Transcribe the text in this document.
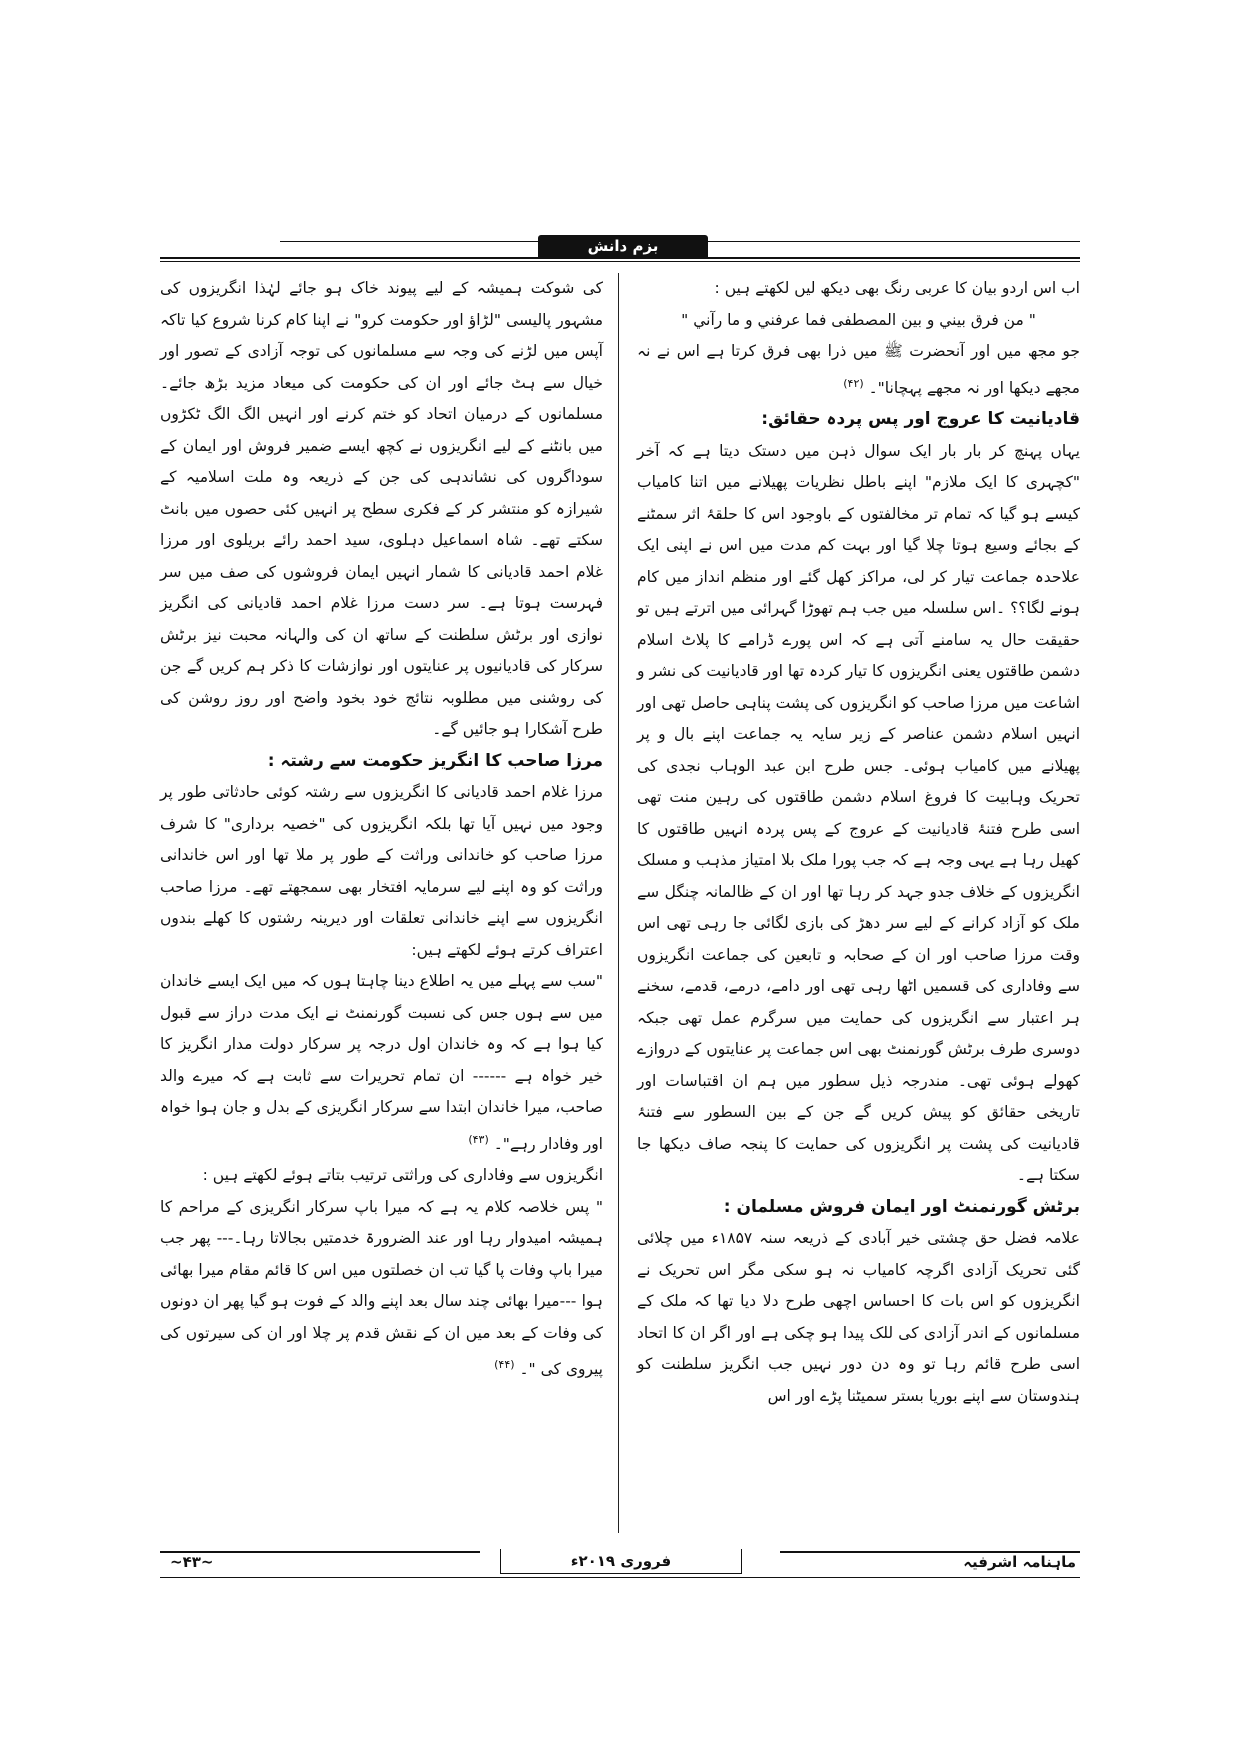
بزم دانش

اب اس اردو بیان کا عربی رنگ بھی دیکھ لیں لکھتے ہیں :

" من فرق بيني و بين المصطفى فما عرفني و ما رآني "

جو مجھ میں اور آنحضرت ﷺ میں ذرا بھی فرق کرتا ہے اس نے نہ مجھے دیکھا اور نہ مجھے پہچانا"۔ $^{(۴۲)}$

قادیانیت کا عروج اور پس پردہ حقائق:

یہاں پہنچ کر بار بار ایک سوال ذہن میں دستک دیتا ہے کہ آخر "کچہری کا ایک ملازم" اپنے باطل نظریات پھیلانے میں اتنا کامیاب کیسے ہو گیا کہ تمام تر مخالفتوں کے باوجود اس کا حلقۂ اثر سمٹنے کے بجائے وسیع ہوتا چلا گیا اور بہت کم مدت میں اس نے اپنی ایک علاحدہ جماعت تیار کر لی، مراکز کھل گئے اور منظم انداز میں کام ہونے لگا؟؟ ۔اس سلسلہ میں جب ہم تھوڑا گہرائی میں اترتے ہیں تو حقیقت حال یہ سامنے آتی ہے کہ اس پورے ڈرامے کا پلاٹ اسلام دشمن طاقتوں یعنی انگریزوں کا تیار کردہ تھا اور قادیانیت کی نشر و اشاعت میں مرزا صاحب کو انگریزوں کی پشت پناہی حاصل تھی اور انہیں اسلام دشمن عناصر کے زیر سایہ یہ جماعت اپنے بال و پر پھیلانے میں کامیاب ہوئی۔ جس طرح ابن عبد الوہاب نجدی کی تحریک وہابیت کا فروغ اسلام دشمن طاقتوں کی رہین منت تھی اسی طرح فتنۂ قادیانیت کے عروج کے پس پردہ انہیں طاقتوں کا کھیل رہا ہے یہی وجہ ہے کہ جب پورا ملک بلا امتیاز مذہب و مسلک انگریزوں کے خلاف جدو جہد کر رہا تھا اور ان کے ظالمانہ چنگل سے ملک کو آزاد کرانے کے لیے سر دھڑ کی بازی لگائی جا رہی تھی اس وقت مرزا صاحب اور ان کے صحابہ و تابعین کی جماعت انگریزوں سے وفاداری کی قسمیں اٹھا رہی تھی اور دامے، درمے، قدمے، سخنے ہر اعتبار سے انگریزوں کی حمایت میں سرگرم عمل تھی جبکہ دوسری طرف برٹش گورنمنٹ بھی اس جماعت پر عنایتوں کے دروازے کھولے ہوئی تھی۔ مندرجہ ذیل سطور میں ہم ان اقتباسات اور تاریخی حقائق کو پیش کریں گے جن کے بین السطور سے فتنۂ قادیانیت کی پشت پر انگریزوں کی حمایت کا پنجہ صاف دیکھا جا سکتا ہے۔

برٹش گورنمنٹ اور ایمان فروش مسلمان :

علامہ فضل حق چشتی خیر آبادی کے ذریعہ سنہ ۱۸۵۷ء میں چلائی گئی تحریک آزادی اگرچہ کامیاب نہ ہو سکی مگر اس تحریک نے انگریزوں کو اس بات کا احساس اچھی طرح دلا دیا تھا کہ ملک کے مسلمانوں کے اندر آزادی کی للک پیدا ہو چکی ہے اور اگر ان کا اتحاد اسی طرح قائم رہا تو وہ دن دور نہیں جب انگریز سلطنت کو ہندوستان سے اپنے بوریا بستر سمیٹنا پڑے اور اس

کی شوکت ہمیشہ کے لیے پیوند خاک ہو جائے لہٰذا انگریزوں کی مشہور پالیسی "لڑاؤ اور حکومت کرو" نے اپنا کام کرنا شروع کیا تاکہ آپس میں لڑنے کی وجہ سے مسلمانوں کی توجہ آزادی کے تصور اور خیال سے ہٹ جائے اور ان کی حکومت کی میعاد مزید بڑھ جائے۔ مسلمانوں کے درمیان اتحاد کو ختم کرنے اور انہیں الگ الگ ٹکڑوں میں بانٹنے کے لیے انگریزوں نے کچھ ایسے ضمیر فروش اور ایمان کے سوداگروں کی نشاندہی کی جن کے ذریعہ وہ ملت اسلامیہ کے شیرازہ کو منتشر کر کے فکری سطح پر انہیں کئی حصوں میں بانٹ سکتے تھے۔ شاہ اسماعیل دہلوی، سید احمد رائے بریلوی اور مرزا غلام احمد قادیانی کا شمار انہیں ایمان فروشوں کی صف میں سر فہرست ہوتا ہے۔ سر دست مرزا غلام احمد قادیانی کی انگریز نوازی اور برٹش سلطنت کے ساتھ ان کی والہانہ محبت نیز برٹش سرکار کی قادیانیوں پر عنایتوں اور نوازشات کا ذکر ہم کریں گے جن کی روشنی میں مطلوبہ نتائج خود بخود واضح اور روز روشن کی طرح آشکارا ہو جائیں گے۔

مرزا صاحب کا انگریز حکومت سے رشتہ :

مرزا غلام احمد قادیانی کا انگریزوں سے رشتہ کوئی حادثاتی طور پر وجود میں نہیں آیا تھا بلکہ انگریزوں کی "خصیہ برداری" کا شرف مرزا صاحب کو خاندانی وراثت کے طور پر ملا تھا اور اس خاندانی وراثت کو وہ اپنے لیے سرمایہ افتخار بھی سمجھتے تھے۔ مرزا صاحب انگریزوں سے اپنے خاندانی تعلقات اور دیرینہ رشتوں کا کھلے بندوں اعتراف کرتے ہوئے لکھتے ہیں:

"سب سے پہلے میں یہ اطلاع دینا چاہتا ہوں کہ میں ایک ایسے خاندان میں سے ہوں جس کی نسبت گورنمنٹ نے ایک مدت دراز سے قبول کیا ہوا ہے کہ وہ خاندان اول درجہ پر سرکار دولت مدار انگریز کا خیر خواہ ہے ------ ان تمام تحریرات سے ثابت ہے کہ میرے والد صاحب، میرا خاندان ابتدا سے سرکار انگریزی کے بدل و جان ہوا خواہ اور وفادار رہے"۔ $^{(۴۳)}$

انگریزوں سے وفاداری کی وراثتی ترتیب بتاتے ہوئے لکھتے ہیں :

" پس خلاصہ کلام یہ ہے کہ میرا باپ سرکار انگریزی کے مراحم کا ہمیشہ امیدوار رہا اور عند الضرورۃ خدمتیں بجالاتا رہا۔--- پھر جب میرا باپ وفات پا گیا تب ان خصلتوں میں اس کا قائم مقام میرا بھائی ہوا ---میرا بھائی چند سال بعد اپنے والد کے فوت ہو گیا پھر ان دونوں کی وفات کے بعد میں ان کے نقش قدم پر چلا اور ان کی سیرتوں کی پیروی کی "۔ $^{(۴۴)}$

ماہنامہ اشرفیہ
فروری ۲۰۱۹ء
~۴۳~
